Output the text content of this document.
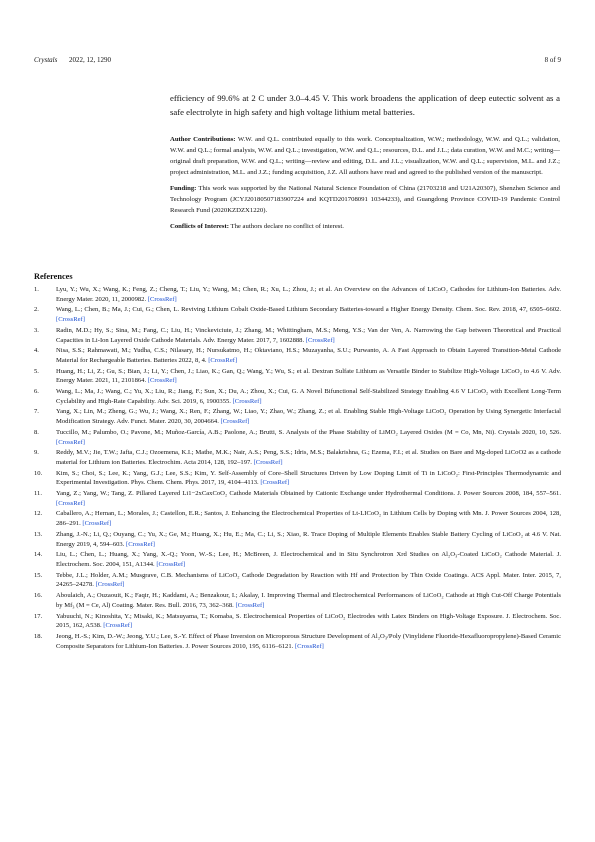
Crystals 2022, 12, 1290	8 of 9

efficiency of 99.6% at 2 C under 3.0–4.45 V. This work broadens the application of deep eutectic solvent as a safe electrolyte in high safety and high voltage lithium metal batteries.

Author Contributions: W.W. and Q.L. contributed equally to this work. Conceptualization, W.W.; methodology, W.W. and Q.L.; validation, W.W. and Q.L.; formal analysis, W.W. and Q.L.; investigation, W.W. and Q.L.; resources, D.L. and J.L.; data curation, W.W. and M.C.; writing—original draft preparation, W.W. and Q.L.; writing—review and editing, D.L. and J.L.; visualization, W.W. and Q.L.; supervision, M.L. and J.Z.; project administration, M.L. and J.Z.; funding acquisition, J.Z. All authors have read and agreed to the published version of the manuscript.

Funding: This work was supported by the National Natural Science Foundation of China (21703218 and U21A20307), Shenzhen Science and Technology Program (JCYJ20180507183907224 and KQTD201708091 10344233), and Guangdong Province COVID-19 Pandemic Control Research Fund (2020KZDZX1220).

Conflicts of Interest: The authors declare no conflict of interest.

References
1.	Lyu, Y.; Wu, X.; Wang, K.; Feng, Z.; Cheng, T.; Liu, Y.; Wang, M.; Chen, R.; Xu, L.; Zhou, J.; et al. An Overview on the Advances of LiCoO₂ Cathodes for Lithium-Ion Batteries. Adv. Energy Mater. 2020, 11, 2000982. [CrossRef]
2.	Wang, L.; Chen, B.; Ma, J.; Cui, G.; Chen, L. Reviving Lithium Cobalt Oxide-Based Lithium Secondary Batteries-toward a Higher Energy Density. Chem. Soc. Rev. 2018, 47, 6505–6602. [CrossRef]
3.	Radin, M.D.; Hy, S.; Sina, M.; Fang, C.; Liu, H.; Vinckeviciute, J.; Zhang, M.; Whittingham, M.S.; Meng, Y.S.; Van der Ven, A. Narrowing the Gap between Theoretical and Practical Capacities in Li-Ion Layered Oxide Cathode Materials. Adv. Energy Mater. 2017, 7, 1602888. [CrossRef]
4.	Nisa, S.S.; Rahmawati, M.; Yudha, C.S.; Nilasary, H.; Nursukatmo, H.; Oktaviano, H.S.; Muzayanha, S.U.; Purwanto, A. A Fast Approach to Obtain Layered Transition-Metal Cathode Material for Rechargeable Batteries. Batteries 2022, 8, 4. [CrossRef]
5.	Huang, H.; Li, Z.; Gu, S.; Bian, J.; Li, Y.; Chen, J.; Liao, K.; Gan, Q.; Wang, Y.; Wu, S.; et al. Dextran Sulfate Lithium as Versatile Binder to Stabilize High-Voltage LiCoO₂ to 4.6 V. Adv. Energy Mater. 2021, 11, 2101864. [CrossRef]
6.	Wang, L.; Ma, J.; Wang, C.; Yu, X.; Liu, R.; Jiang, F.; Sun, X.; Du, A.; Zhou, X.; Cui, G. A Novel Bifunctional Self-Stabilized Strategy Enabling 4.6 V LiCoO₂ with Excellent Long-Term Cyclability and High-Rate Capability. Adv. Sci. 2019, 6, 1900355. [CrossRef]
7.	Yang, X.; Lin, M.; Zheng, G.; Wu, J.; Wang, X.; Ren, F.; Zhang, W.; Liao, Y.; Zhao, W.; Zhang, Z.; et al. Enabling Stable High-Voltage LiCoO₂ Operation by Using Synergetic Interfacial Modification Strategy. Adv. Funct. Mater. 2020, 30, 2004664. [CrossRef]
8.	Tuccillo, M.; Palumbo, O.; Pavone, M.; Muñoz-García, A.B.; Paolone, A.; Brutti, S. Analysis of the Phase Stability of LiMO₂ Layered Oxides (M = Co, Mn, Ni). Crystals 2020, 10, 526. [CrossRef]
9.	Reddy, M.V.; Jie, T.W.; Jafta, C.J.; Ozoemena, K.I.; Mathe, M.K.; Nair, A.S.; Peng, S.S.; Idris, M.S.; Balakrishna, G.; Ezema, F.I.; et al. Studies on Bare and Mg-doped LiCoO2 as a cathode material for Lithium ion Batteries. Electrochim. Acta 2014, 128, 192–197. [CrossRef]
10.	Kim, S.; Choi, S.; Lee, K.; Yang, G.J.; Lee, S.S.; Kim, Y. Self-Assembly of Core–Shell Structures Driven by Low Doping Limit of Ti in LiCoO₂: First-Principles Thermodynamic and Experimental Investigation. Phys. Chem. Chem. Phys. 2017, 19, 4104–4113. [CrossRef]
11.	Yang, Z.; Yang, W.; Tang, Z. Pillared Layered Li1−2xCaxCoO₂ Cathode Materials Obtained by Cationic Exchange under Hydrothermal Conditions. J. Power Sources 2008, 184, 557–561. [CrossRef]
12.	Caballero, A.; Hernan, L.; Morales, J.; Castellon, E.R.; Santos, J. Enhancing the Electrochemical Properties of Lt-LICoO₂ in Lithium Cells by Doping with Mn. J. Power Sources 2004, 128, 286–291. [CrossRef]
13.	Zhang, J.-N.; Li, Q.; Ouyang, C.; Yu, X.; Ge, M.; Huang, X.; Hu, E.; Ma, C.; Li, S.; Xiao, R. Trace Doping of Multiple Elements Enables Stable Battery Cycling of LiCoO₂ at 4.6 V. Nat. Energy 2019, 4, 594–603. [CrossRef]
14.	Liu, L.; Chen, L.; Huang, X.; Yang, X.-Q.; Yoon, W.-S.; Lee, H.; McBreen, J. Electrochemical and in Situ Synchrotron Xrd Studies on Al₂O₃-Coated LiCoO₂ Cathode Material. J. Electrochem. Soc. 2004, 151, A1344. [CrossRef]
15.	Tebbe, J.L.; Holder, A.M.; Musgrave, C.B. Mechanisms of LiCoO₂ Cathode Degradation by Reaction with Hf and Protection by Thin Oxide Coatings. ACS Appl. Mater. Inter. 2015, 7, 24265–24278. [CrossRef]
16.	Aboulaich, A.; Ouzaouit, K.; Faqir, H.; Kaddami, A.; Benzakour, I.; Akalay, I. Improving Thermal and Electrochemical Performances of LiCoO₂ Cathode at High Cut-Off Charge Potentials by Mf₃ (M = Ce, Al) Coating. Mater. Res. Bull. 2016, 73, 362–368. [CrossRef]
17.	Yabuuchi, N.; Kinoshita, Y.; Misaki, K.; Matsuyama, T.; Komaba, S. Electrochemical Properties of LiCoO₂ Electrodes with Latex Binders on High-Voltage Exposure. J. Electrochem. Soc. 2015, 162, A538. [CrossRef]
18.	Jeong, H.-S.; Kim, D.-W.; Jeong, Y.U.; Lee, S.-Y. Effect of Phase Inversion on Microporous Structure Development of Al₂O₃/Poly (Vinylidene Fluoride-Hexafluoropropylene)-Based Ceramic Composite Separators for Lithium-Ion Batteries. J. Power Sources 2010, 195, 6116–6121. [CrossRef]
